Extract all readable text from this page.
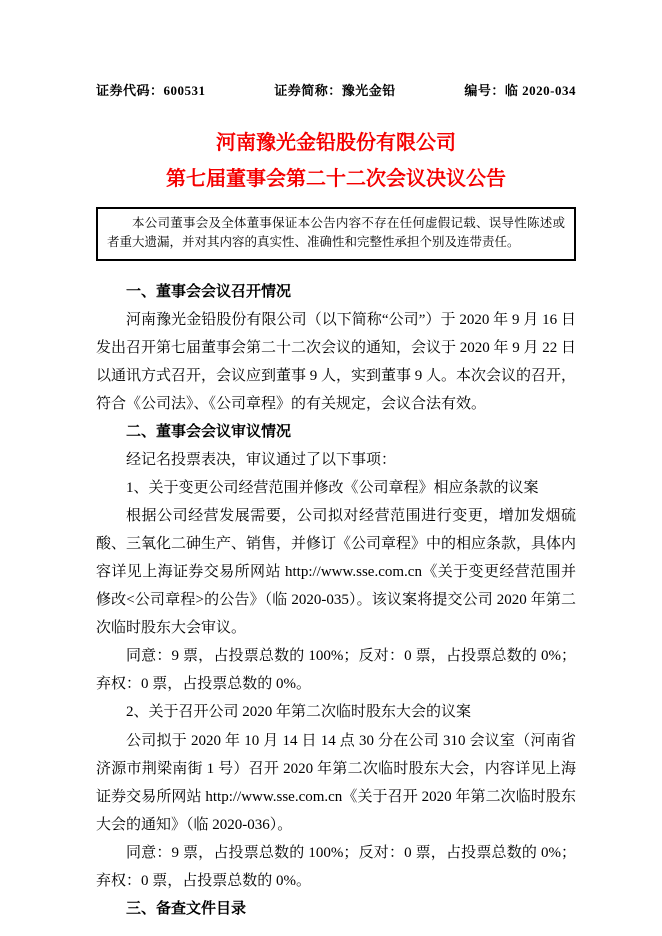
证券代码：600531	证券简称：豫光金铅	编号：临 2020-034
河南豫光金铅股份有限公司
第七届董事会第二十二次会议决议公告

本公司董事会及全体董事保证本公告内容不存在任何虚假记载、误导性陈述或者重大遗漏，并对其内容的真实性、准确性和完整性承担个别及连带责任。

一、董事会会议召开情况

河南豫光金铅股份有限公司（以下简称“公司”）于 2020 年 9 月 16 日发出召开第七届董事会第二十二次会议的通知，会议于 2020 年 9 月 22 日以通讯方式召开，会议应到董事 9 人，实到董事 9 人。本次会议的召开，符合《公司法》、《公司章程》的有关规定，会议合法有效。

二、董事会会议审议情况

经记名投票表决，审议通过了以下事项：

1、关于变更公司经营范围并修改《公司章程》相应条款的议案

根据公司经营发展需要，公司拟对经营范围进行变更，增加发烟硫酸、三氧化二砷生产、销售，并修订《公司章程》中的相应条款，具体内容详见上海证券交易所网站 http://www.sse.com.cn《关于变更经营范围并修改<公司章程>的公告》（临 2020-035）。该议案将提交公司 2020 年第二次临时股东大会审议。

同意：9 票，占投票总数的 100%；反对：0 票，占投票总数的 0%；弃权：0 票，占投票总数的 0%。

2、关于召开公司 2020 年第二次临时股东大会的议案

公司拟于 2020 年 10 月 14 日 14 点 30 分在公司 310 会议室（河南省济源市荆梁南街 1 号）召开 2020 年第二次临时股东大会，内容详见上海证券交易所网站 http://www.sse.com.cn《关于召开 2020 年第二次临时股东大会的通知》（临 2020-036）。

同意：9 票，占投票总数的 100%；反对：0 票，占投票总数的 0%；弃权：0 票，占投票总数的 0%。

三、备查文件目录
